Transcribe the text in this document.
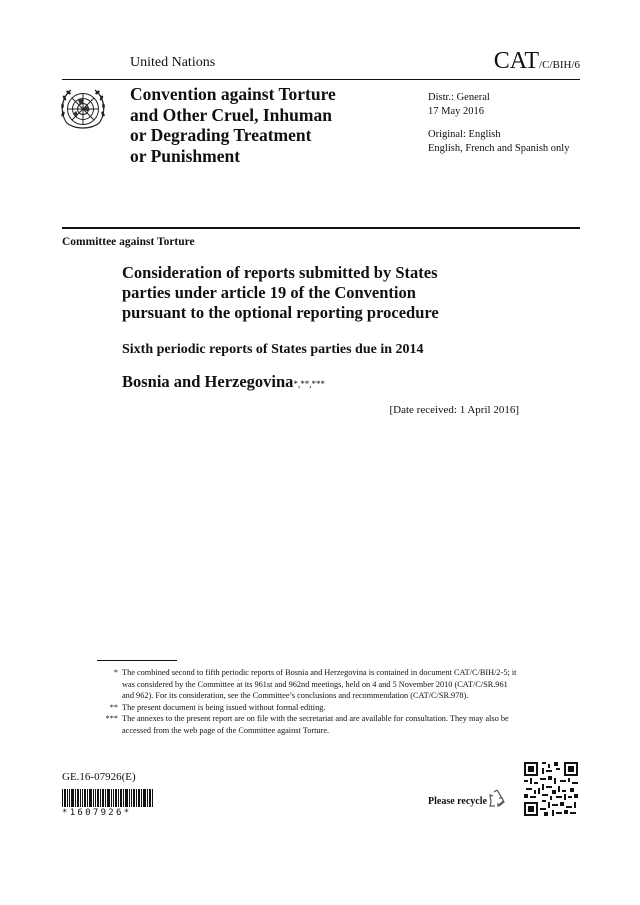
United Nations	CAT/C/BIH/6
Convention against Torture
and Other Cruel, Inhuman
or Degrading Treatment
or Punishment
Distr.: General
17 May 2016
Original: English
English, French and Spanish only
Committee against Torture
Consideration of reports submitted by States
parties under article 19 of the Convention
pursuant to the optional reporting procedure
Sixth periodic reports of States parties due in 2014
Bosnia and Herzegovina*,**,***
[Date received: 1 April 2016]
* The combined second to fifth periodic reports of Bosnia and Herzegovina is contained in document CAT/C/BIH/2-5; it was considered by the Committee at its 961st and 962nd meetings, held on 4 and 5 November 2010 (CAT/C/SR.961 and 962). For its consideration, see the Committee’s conclusions and recommendation (CAT/C/SR.978).
** The present document is being issued without formal editing.
*** The annexes to the present report are on file with the secretariat and are available for consultation. They may also be accessed from the web page of the Committee against Torture.
GE.16-07926(E)
*1607926*
Please recycle
